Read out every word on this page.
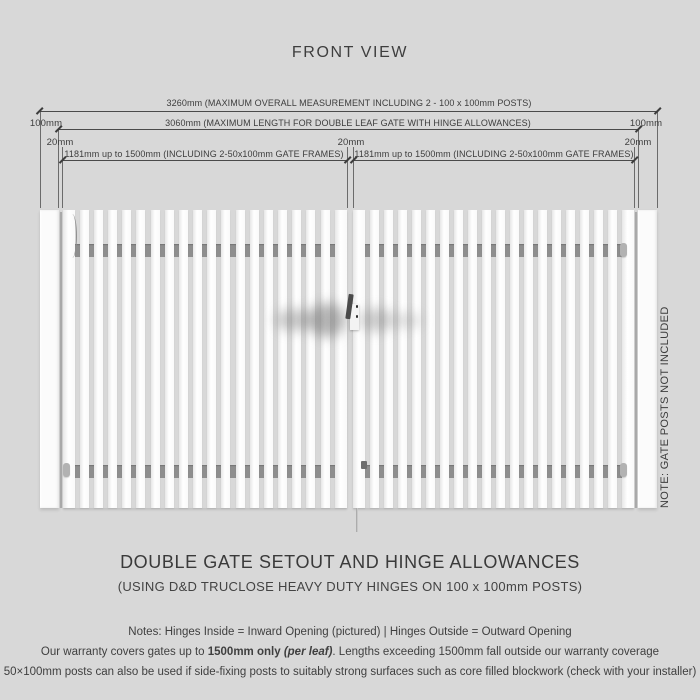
FRONT VIEW
3260mm (MAXIMUM OVERALL MEASUREMENT INCLUDING 2 - 100 x 100mm POSTS)
3060mm (MAXIMUM LENGTH FOR DOUBLE LEAF GATE WITH HINGE ALLOWANCES)
100mm	100mm
20mm	20mm	20mm
1181mm up to 1500mm (INCLUDING 2-50x100mm GATE FRAMES) 1181mm up to 1500mm (INCLUDING 2-50x100mm GATE FRAMES)
NOTE: GATE POSTS NOT INCLUDED
DOUBLE GATE SETOUT AND HINGE ALLOWANCES
(USING D&D TRUCLOSE HEAVY DUTY HINGES ON 100 x 100mm POSTS)
Notes: Hinges Inside = Inward Opening (pictured) | Hinges Outside = Outward Opening
Our warranty covers gates up to 1500mm only (per leaf). Lengths exceeding 1500mm fall outside our warranty coverage
50×100mm posts can also be used if side-fixing posts to suitably strong surfaces such as core filled blockwork (check with your installer)
